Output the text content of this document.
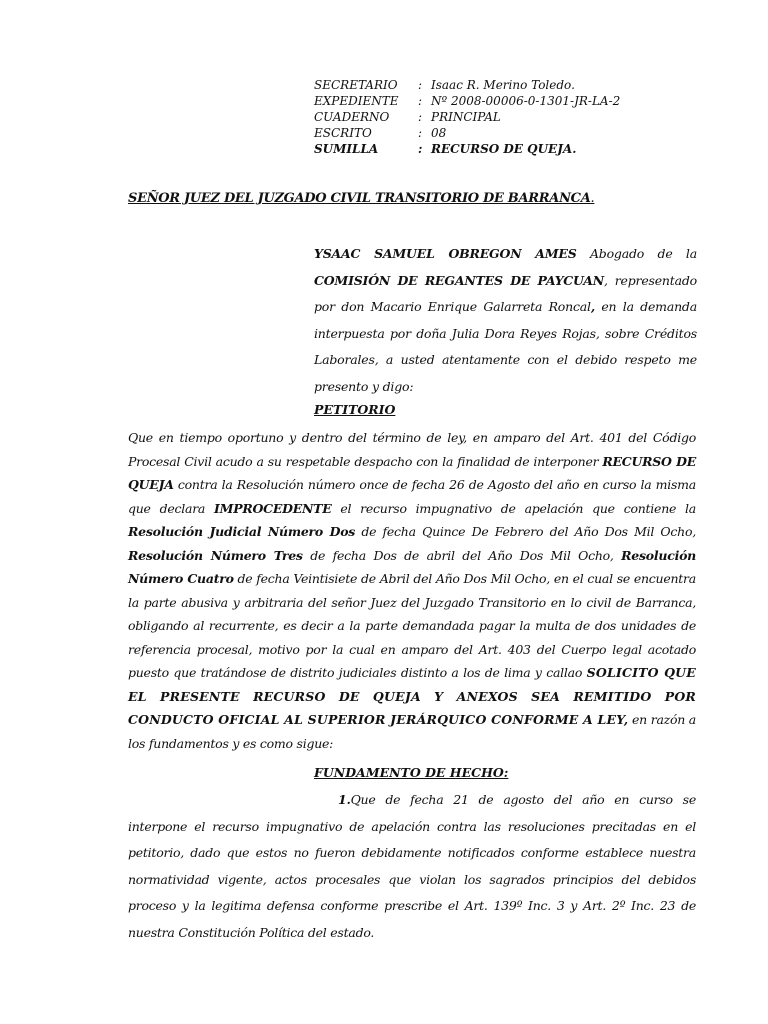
SECRETARIO	: Isaac R. Merino Toledo.
EXPEDIENTE	: Nº 2008-00006-0-1301-JR-LA-2
CUADERNO	: PRINCIPAL
ESCRITO	: 08
SUMILLA	: RECURSO DE QUEJA.
SEÑOR JUEZ DEL JUZGADO CIVIL TRANSITORIO DE BARRANCA.
YSAAC SAMUEL OBREGON AMES Abogado de la COMISIÓN DE REGANTES DE PAYCUAN, representado por don Macario Enrique Galarreta Roncal, en la demanda interpuesta por doña Julia Dora Reyes Rojas, sobre Créditos Laborales, a usted atentamente con el debido respeto me presento y digo:
PETITORIO
Que en tiempo oportuno y dentro del término de ley, en amparo del Art. 401 del Código Procesal Civil acudo a su respetable despacho con la finalidad de interponer RECURSO DE QUEJA contra la Resolución número once de fecha 26 de Agosto del año en curso la misma que declara IMPROCEDENTE el recurso impugnativo de apelación que contiene la Resolución Judicial Número Dos de fecha Quince De Febrero del Año Dos Mil Ocho, Resolución Número Tres de fecha Dos de abril del Año Dos Mil Ocho, Resolución Número Cuatro de fecha Veintisiete de Abril del Año Dos Mil Ocho, en el cual se encuentra la parte abusiva y arbitraria del señor Juez del Juzgado Transitorio en lo civil de Barranca, obligando al recurrente, es decir a la parte demandada pagar la multa de dos unidades de referencia procesal, motivo por la cual en amparo del Art. 403 del Cuerpo legal acotado puesto que tratándose de distrito judiciales distinto a los de lima y callao SOLICITO QUE EL PRESENTE RECURSO DE QUEJA Y ANEXOS SEA REMITIDO POR CONDUCTO OFICIAL AL SUPERIOR JERÁRQUICO CONFORME A LEY, en razón a los fundamentos y es como sigue:
FUNDAMENTO DE HECHO:
1.Que de fecha 21 de agosto del año en curso se interpone el recurso impugnativo de apelación contra las resoluciones precitadas en el petitorio, dado que estos no fueron debidamente notificados conforme establece nuestra normatividad vigente, actos procesales que violan los sagrados principios del debidos proceso y la legitima defensa conforme prescribe el Art. 139º Inc. 3 y Art. 2º Inc. 23 de nuestra Constitución Política del estado.
